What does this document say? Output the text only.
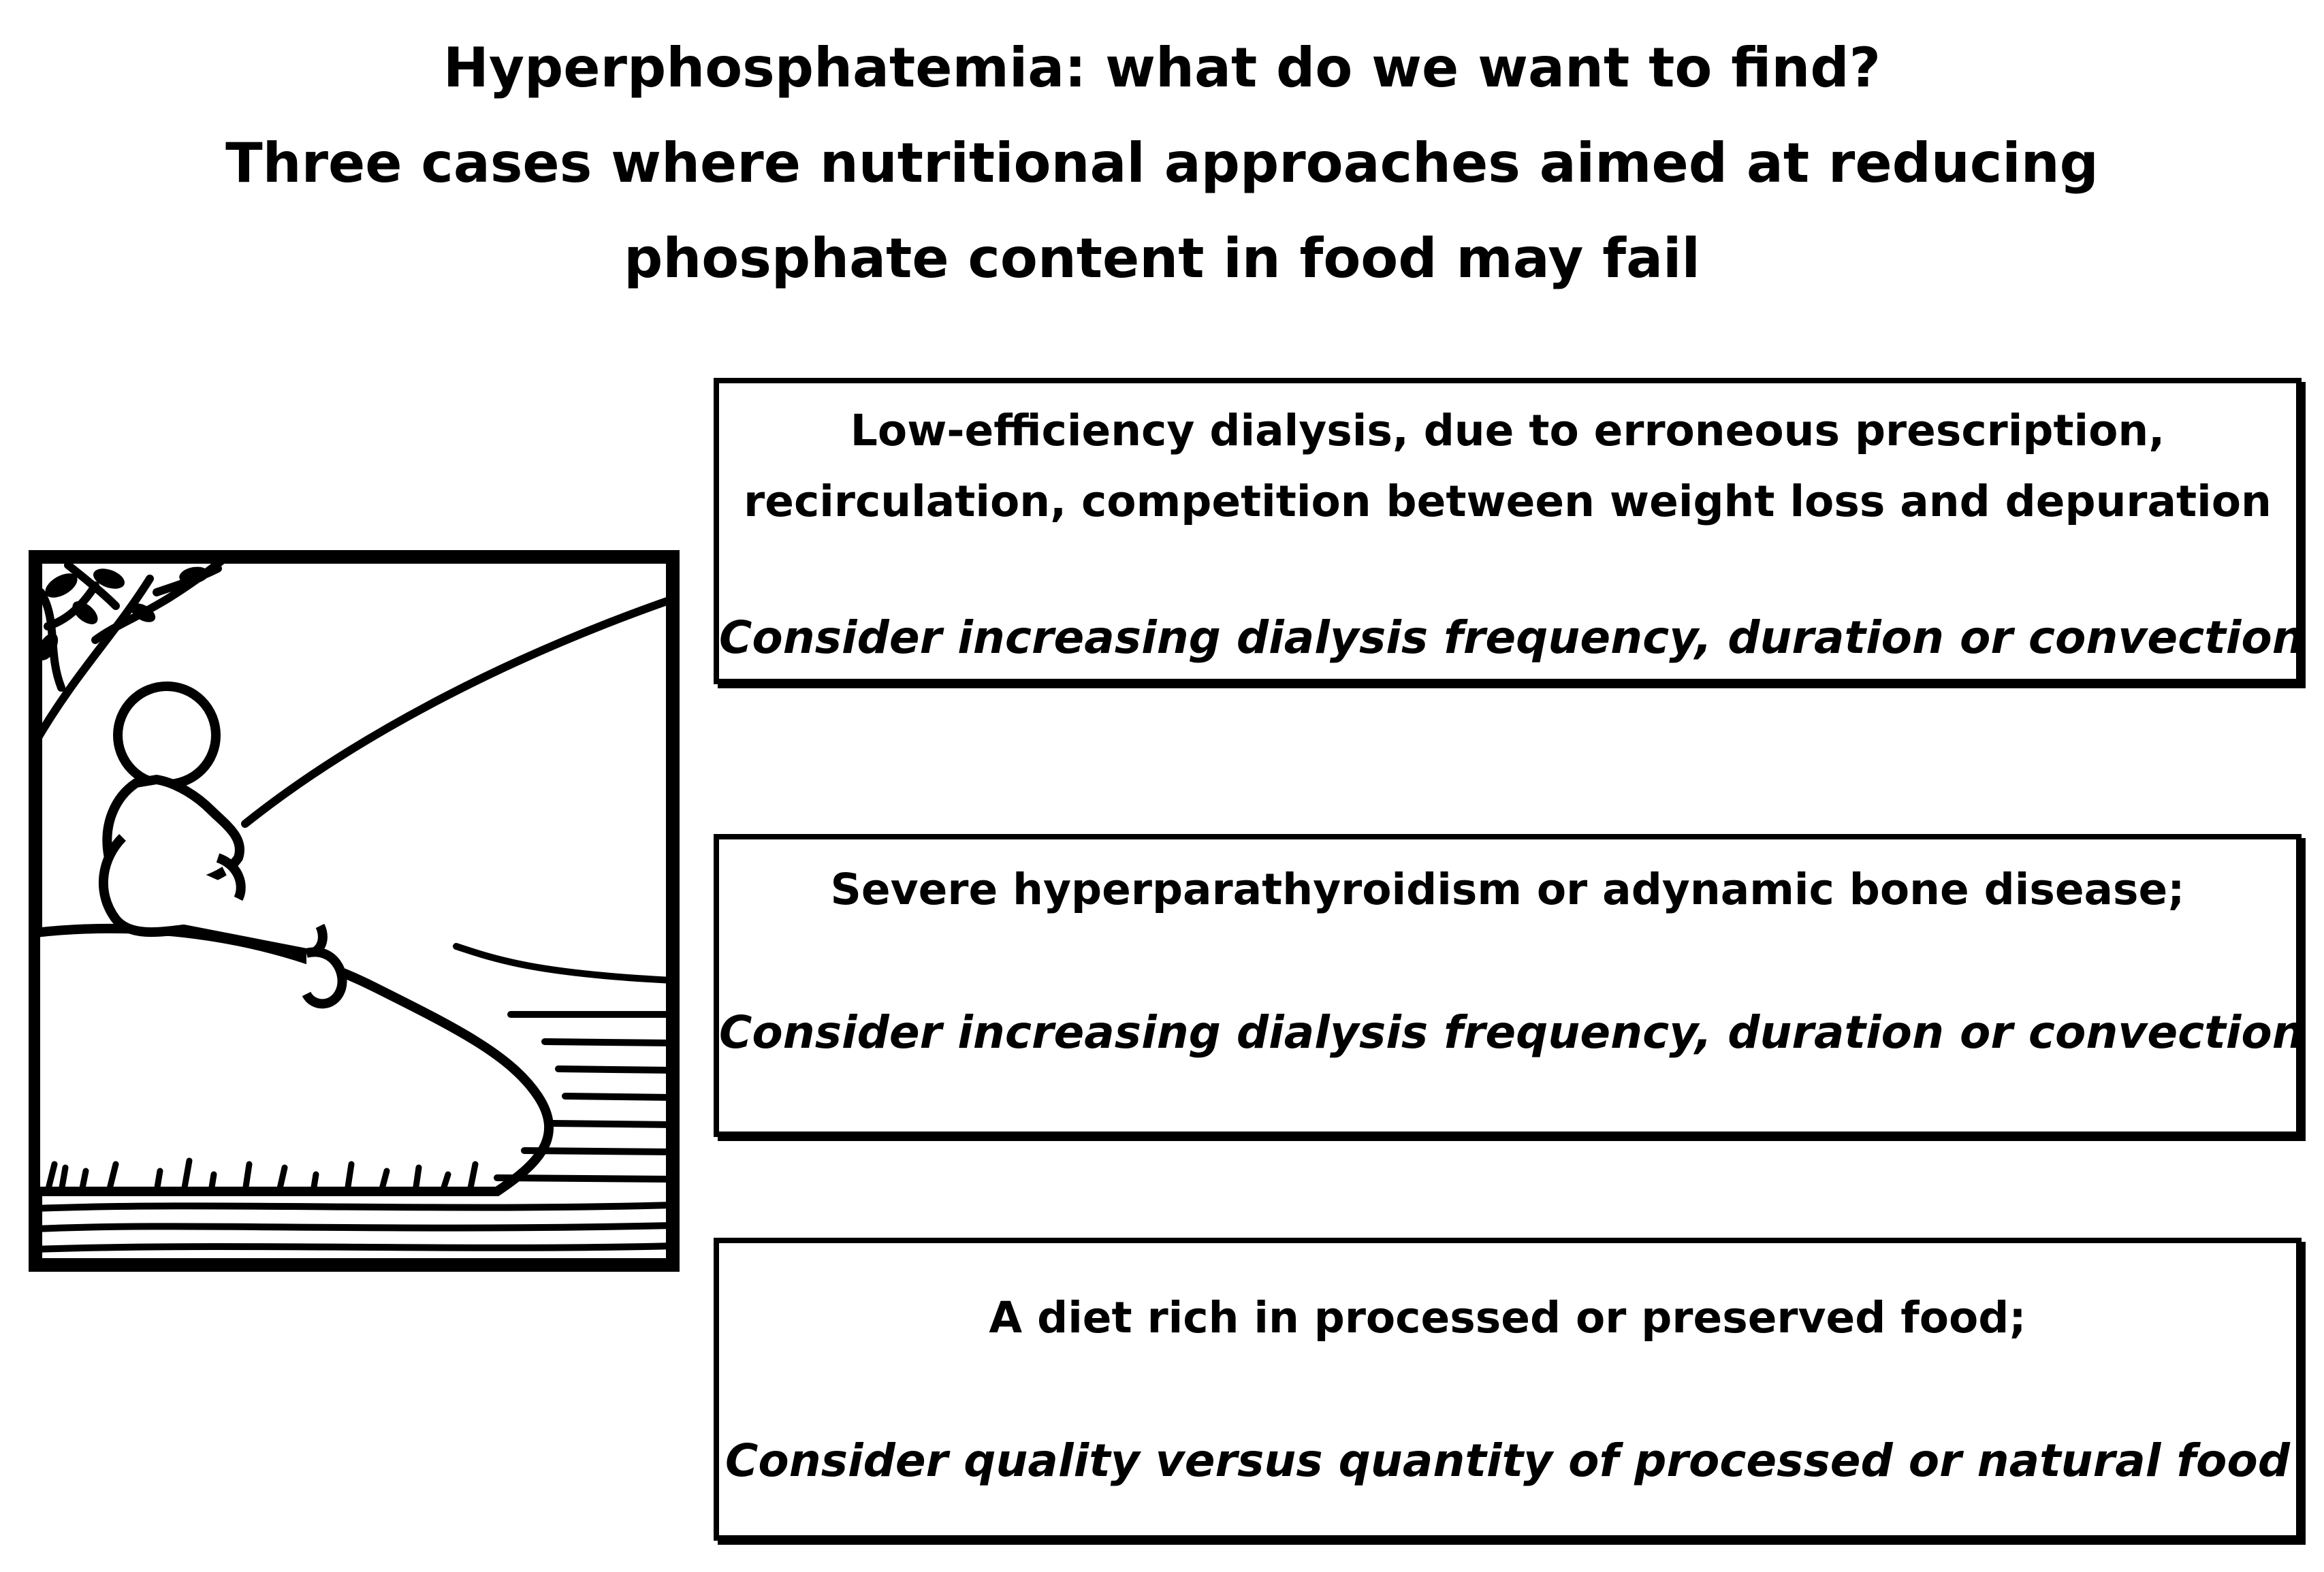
Hyperphosphatemia: what do we want to find?
Three cases where nutritional approaches aimed at reducing
phosphate content in food may fail
Low-efficiency dialysis, due to erroneous prescription,
recirculation, competition between weight loss and depuration
Consider increasing dialysis frequency, duration or convection
Severe hyperparathyroidism or adynamic bone disease;
Consider increasing dialysis frequency, duration or convection
A diet rich in processed or preserved food;
Consider quality versus quantity of processed or natural food
